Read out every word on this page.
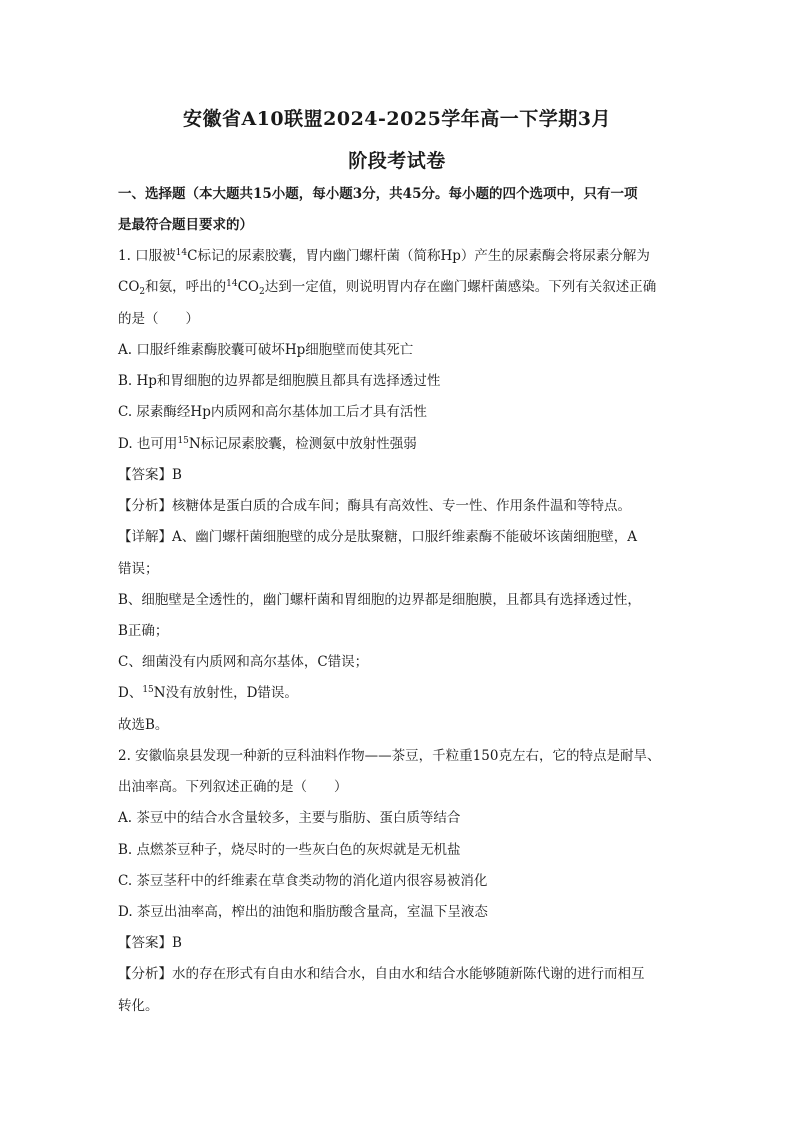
安徽省A10联盟2024-2025学年高一下学期3月
阶段考试卷
一、选择题（本大题共15小题，每小题3分，共45分。每小题的四个选项中，只有一项
是最符合题目要求的）
1. 口服被$^{14}$C标记的尿素胶囊，胃内幽门螺杆菌（简称Hp）产生的尿素酶会将尿素分解为
$CO_2$和氨，呼出的$^{14}CO_2$达到一定值，则说明胃内存在幽门螺杆菌感染。下列有关叙述正确
的是（　　）
A. 口服纤维素酶胶囊可破坏Hp细胞壁而使其死亡
B. Hp和胃细胞的边界都是细胞膜且都具有选择透过性
C. 尿素酶经Hp内质网和高尔基体加工后才具有活性
D. 也可用$^{15}$N标记尿素胶囊，检测氨中放射性强弱
【答案】B
【分析】核糖体是蛋白质的合成车间；酶具有高效性、专一性、作用条件温和等特点。
【详解】A、幽门螺杆菌细胞壁的成分是肽聚糖，口服纤维素酶不能破坏该菌细胞壁，A
错误；
B、细胞壁是全透性的，幽门螺杆菌和胃细胞的边界都是细胞膜，且都具有选择透过性，
B正确；
C、细菌没有内质网和高尔基体，C错误；
D、$^{15}$N没有放射性，D错误。
故选B。
2. 安徽临泉县发现一种新的豆科油料作物——茶豆，千粒重150克左右，它的特点是耐旱、
出油率高。下列叙述正确的是（　　）
A. 茶豆中的结合水含量较多，主要与脂肪、蛋白质等结合
B. 点燃茶豆种子，烧尽时的一些灰白色的灰烬就是无机盐
C. 茶豆茎秆中的纤维素在草食类动物的消化道内很容易被消化
D. 茶豆出油率高，榨出的油饱和脂肪酸含量高，室温下呈液态
【答案】B
【分析】水的存在形式有自由水和结合水，自由水和结合水能够随新陈代谢的进行而相互
转化。
